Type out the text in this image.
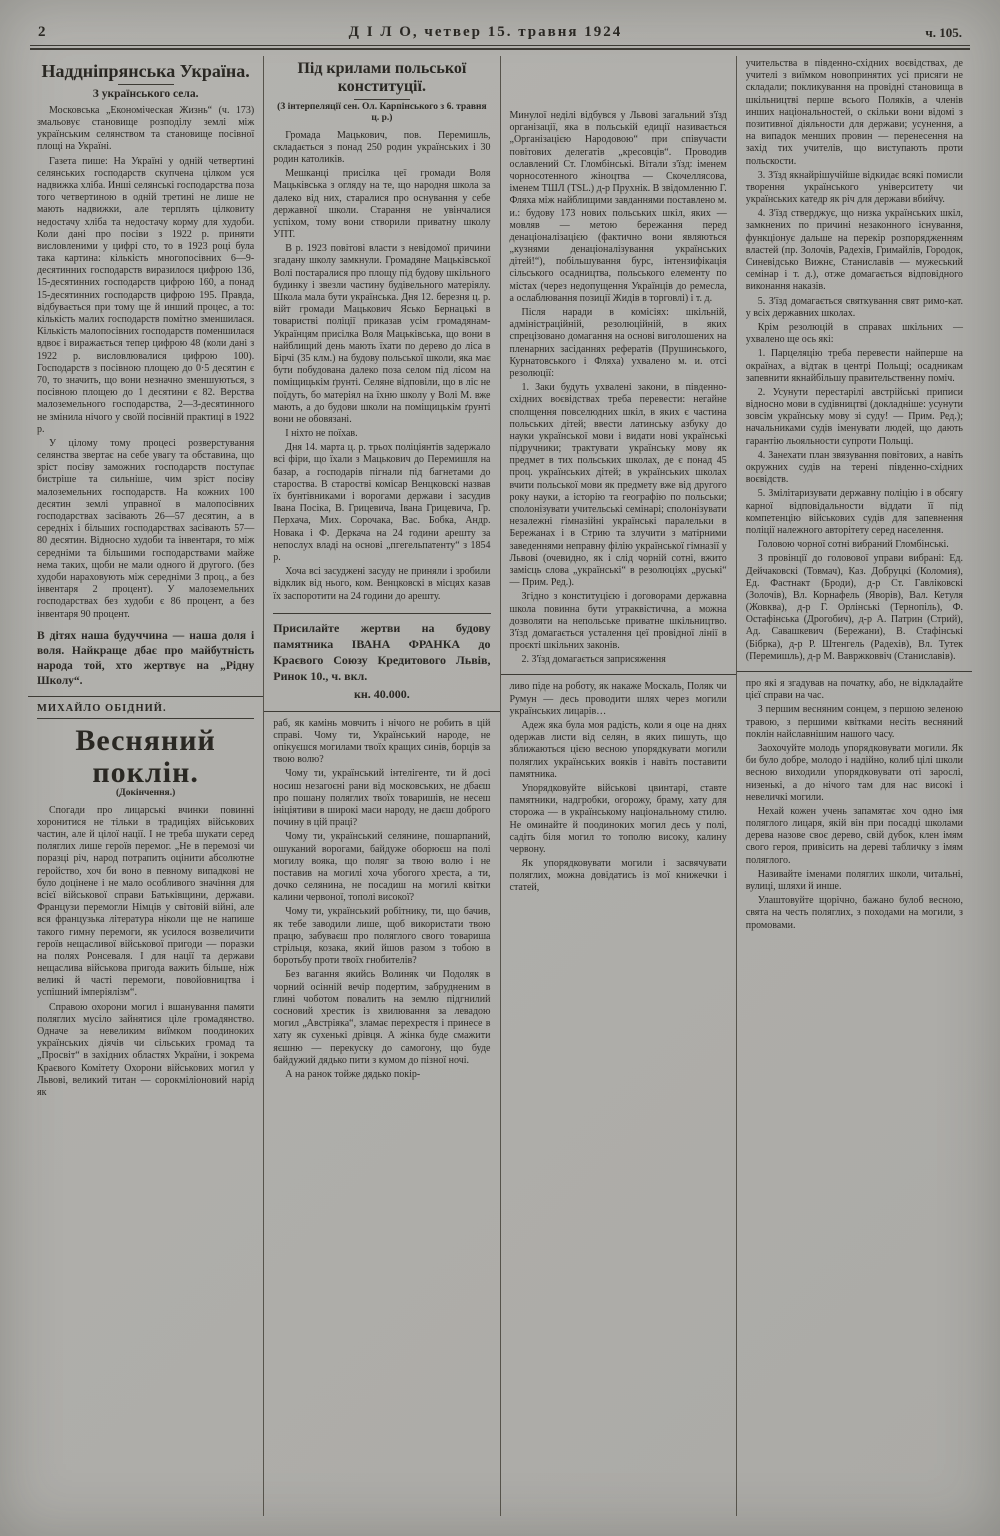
2	Д І Л О, четвер 15. травня 1924	ч. 105.
Наддніпрянська Україна.
З українського села.

Московська „Економіческая Жизнь“ (ч. 173) змальовує становище розподілу землі між українським селянством та становище посівної площі на Україні.

Газета пише: На Україні у одній четвертині селянських господарств скупчена цілком уся надвижка хліба. Инші селянські господарства поза того четвертиною в одній третині не лише не мають надвижки, але терплять цілковиту недостачу хліба та недостачу корму для худоби. Коли дані про посіви з 1922 р. приняти висловленими у цифрі сто, то в 1923 році була така картина: кількість многопосівних 6—9-десятинних господарств виразилося цифрою 136, 15-десятинних господарств цифрою 160, а понад 15-десятинних господарств цифрою 195. Правда, відбувається при тому ще й инший процес, а то: кількість малих господарств помітно зменшилася. Кількість малопосівних господарств поменшилася вдвоє і виражається тепер цифрою 48 (коли дані з 1922 р. висловлювалися цифрою 100). Господарств з посівною площею до 0·5 десятин є 70, то значить, що вони незначно зменшуються, з посівною площею до 1 десятини є 82. Верства малоземельного господарства, 2—3-десятинного не змінила нічого у своїй посівній практиці в 1922 р.

У цілому тому процесі розверстування селянства звертає на себе увагу та обставина, що зріст посіву заможних господарств поступає бистріше та сильніше, чим зріст посіву малоземельних господарств. На кожних 100 десятин землі управної в малопосівних господарствах засівають 26—57 десятин, а в середніх і більших господарствах засівають 57—80 десятин. Відносно худоби та інвентаря, то між середніми та більшими господарствами майже нема таких, щоби не мали одного й другого. (без худоби нараховують між середніми 3 проц., а без інвентаря 2 процент). У малоземельних господарствах без худоби є 86 процент, а без інвентаря 90 процент.

В дітях наша будуччина — наша доля і воля. Найкраще дбає про майбутність народа той, хто жертвує на „Рідну Школу“.

МИХАЙЛО ОБІДНИЙ.
Весняний поклін.
(Докінчення.)

Спогади про лицарські вчинки повинні хоронитися не тільки в традиціях військових частин, але й цілої нації. І не треба шукати серед поляглих лише героїв перемог. „Не в перемозі чи поразці річ, народ потрапить оцінити абсолютне геройство, хоч би воно в певному випадкові не було доцінене і не мало особливого значіння для всієї військової справи Батьківщини, держави. Французи перемогли Німців у світовій війні, але вся французька література ніколи ще не напише такого гимну перемоги, як усилося возвеличити героїв нещасливої військової пригоди — поразки на полях Ронсеваля. І для нації та держави нещаслива військова пригода важить більше, ніж великі й часті перемоги, повойовництва і успішний імперіялізм“.

Справою охорони могил і вшанування памяти поляглих мусіло зайнятися ціле громадянство. Одначе за невеликим виїмком поодиноких українських діячів чи сільських громад та „Просвіт“ в західних областях України, і зокрема Краєвого Комітету Охорони військових могил у Львові, великий титан — сорокміліоновий нарід як

Під крилами польської конституції.
(З інтерпеляції сен. Ол. Карпінського з 6. травня ц. р.)

Громада Мацькович, пов. Перемишль, складається з понад 250 родин українських і 30 родин католиків.

Мешканці присілка цеї громади Воля Мацьківська з огляду на те, що народня школа за далеко від них, старалися про оснування у себе державної школи. Старання не увінчалися успіхом, тому вони створили приватну школу УПТ.

В р. 1923 повітові власти з невідомої причини згадану школу замкнули. Громадяне Мацьківської Волі постаралися про площу під будову шкільного будинку і звезли частину будівельного матеріялу. Школа мала бути українська. Дня 12. березня ц. р. війт громади Мацькович Ясько Бернацькі в товаристві поліції приказав усім громадянам-Українцям присілка Воля Мацьківська, що вони в найблищий день мають їхати по дерево до ліса в Бірчі (35 клм.) на будову польської школи, яка має бути побудована далеко поза селом під лісом на поміщицькім ґрунті. Селяне відповіли, що в ліс не поїдуть, бо матеріял на їхню школу у Волі М. вже мають, а до будови школи на поміщицькім ґрунті вони не обовязані.

І ніхто не поїхав.

Дня 14. марта ц. р. трьох поліціянтів задержало всі фіри, що їхали з Мацькович до Перемишля на базар, а господарів пігнали під багнетами до староства. В старостві комісар Венцковскі назвав їх бунтівниками і ворогами держави і засудив Івана Посіка, В. Грицевича, Івана Грицевича, Гр. Перхача, Мих. Сорочака, Вас. Бобка, Андр. Новака і Ф. Деркача на 24 години арешту за непослух владі на основі „пгегельпатенту“ з 1854 р.

Хоча всі засуджені засуду не приняли і зробили відклик від нього, ком. Венцковскі в місцях казав їх заспоротити на 24 години до арешту.

Присилайте жертви на будову памятника ІВАНА ФРАНКА до Краєвого Союзу Кредитового Львів, Ринок 10., ч. вкл.
кн. 40.000.

раб, як камінь мовчить і нічого не робить в цій справі. Чому ти, Український народе, не опікуєшся могилами твоїх кращих синів, борців за твою волю?

Чому ти, український інтелігенте, ти й досі носиш незагоєні рани від московських, не дбаєш про пошану поляглих твоїх товаришів, не несеш ініціятиви в широкі маси народу, не даєш доброго почину в цій праці?

Чому ти, український селянине, пошарпаний, ошуканий ворогами, байдуже оборюєш на полі могилу вояка, що поляг за твою волю і не поставив на могилі хоча убогого хреста, а ти, дочко селянина, не посадиш на могилі квітки калини червоної, тополі високої?

Чому ти, український робітнику, ти, що бачив, як тебе заводили лише, щоб використати твою працю, забуваєш про поляглого свого товариша стрільця, козака, який йшов разом з тобою в боротьбу проти твоїх гнобителів?

Без вагання якийсь Волиняк чи Подоляк в чорний осінній вечір подертим, забрудненим в глині чоботом повалить на землю підгнилий сосновий хрестик із хвилювання за левадою могил „Австріяка“, зламає перехрестя і принесе в хату як сухенькі дрівця. А жінка буде смажити яєшню — перекуску до самогону, що буде байдужий дядько пити з кумом до пізної ночі.

А на ранок тойже дядько покір-

Минулої неділі відбувся у Львові загальний з'їзд організації, яка в польській едиції називається „Організацією Народовою“ при співучасти повітових делегатів „кресовців“. Проводив ославлений Ст. Гломбінські. Вітали з'їзд: іменем чорносотенного жіноцтва — Скочеллясова, іменем ТШЛ (TSL.) д-р Прухнік. В звідомленню Г. Фляха між найблищими завданнями поставлено м. и.: будову 173 нових польських шкіл, яких — мовляв — метою бережання перед денаціоналізацією (фактично вони являються „кузнями денаціоналізування українських дітей!“), побільшування бурс, інтензифікація сільського осадництва, польського елементу по містах (через недопущення Українців до ремесла, а ослаблювання позиції Жидів в торговлі) і т. д.

Після наради в комісіях: шкільній, адміністраційній, резолюційній, в яких спрецізовано домагання на основі виголошених на пленарних засіданнях рефератів (Прушинського, Курнатовського і Фляха) ухвалено м. и. отсі резолюції:

1. Заки будуть ухвалені закони, в південно-східних воєвідствах треба перевести: негайне сполщення повселюдних шкіл, в яких є частина польських дітей; ввести латинську азбуку до науки української мови і видати нові українські підручники; трактувати українську мову як предмет в тих польських школах, де є понад 45 проц. українських дітей; в українських школах вчити польської мови як предмету вже від другого року науки, а історію та географію по польськи; сполонізувати учительські семінарі; сполонізувати незалежні гімназійні українські паралельки в Бережанах і в Стрию та злучити з матірними заведеннями неправну філію української гімназії у Львові (очевидно, як і слід чорній сотні, вжито замісць слова „українські“ в резолюціях „руські“ — Прим. Ред.).

Згідно з конституцією і договорами державна школа повинна бути утраквістична, а можна дозволяти на непольське приватне шкільництво. З'їзд домагається усталення цеї провідної лінії в проєкті шкільних законів.

2. З'їзд домагається заприсяження

ливо піде на роботу, як накаже Москаль, Поляк чи Румун — десь проводити шлях через могили українських лицарів…

Адеж яка була моя радість, коли я оце на днях одержав листи від селян, в яких пишуть, що зближаються цією весною упорядкувати могили поляглих українських вояків і навіть поставити памятника.

Упорядковуйте військові цвинтарі, ставте памятники, надгробки, огорожу, браму, хату для сторожа — в українському національному стилю. Не оминайте й поодиноких могил десь у полі, садіть біля могил то тополю високу, калину червону.

Як упорядковувати могили і засвячувати поляглих, можна довідатись із мої книжечки і статей,

учительства в південно-східних воєвідствах, де учителі з виїмком новопринятих усі присяги не складали; покликування на провідні становища в шкільництві перше всього Поляків, а членів инших національностей, о скільки вони відомі з позитивної діяльности для держави; усунення, а на випадок менших провин — перенесення на захід тих учителів, що виступають проти польскости.

3. З'їзд якнайрішучійше відкидає всякі помисли творення українського університету чи українських катедр як річ для держави вбийчу.

4. З'їзд стверджує, що низка українських шкіл, замкнених по причині незаконного існування, функціонує дальше на перекір розпорядженням властей (пр. Золочів, Радехів, Гримайлів, Городок, Синевідсько Вижнє, Станиславів — мужеський семінар і т. д.), отже домагається відповідного виконання наказів.

5. З'їзд домагається святкування свят римо-кат. у всіх державних школах.

Крім резолюцій в справах шкільних — ухвалено ще ось які:

1. Парцеляцію треба перевести найперше на окраїнах, а відтак в центрі Польщі; осадникам запевнити якнайбільшу правительственну поміч.

2. Усунути перестарілі австрійські приписи відносно мови в судівництві (докладніше: усунути зовсім українську мову зі суду! — Прим. Ред.); начальниками судів іменувати людей, що дають гарантію льояльности супроти Польщі.

4. Занехати план звязування повітових, а навіть окружних судів на терені південно-східних воєвідств.

5. Змілітаризувати державну поліцію і в обсягу карної відповідальности віддати її під компетенцію військових судів для запевнення поліції належного авторітету серед населення.

Головою чорної сотні вибраний Гломбінські.

З провінції до головової управи вибрані: Ед. Дейчаковскі (Товмач), Каз. Добруцкі (Коломия), Ед. Фастнакт (Броди), д-р Ст. Гавліковскі (Золочів), Вл. Корнафель (Яворів), Вал. Кетуля (Жовква), д-р Г. Орлінські (Тернопіль), Ф. Остафінська (Дрогобич), д-р А. Патрин (Стрий), Ад. Савашкевич (Бережани), В. Стафінські (Бібрка), д-р Р. Штенгель (Радехів), Вл. Тутек (Перемишль), д-р М. Вавржковвіч (Станиславів).

про які я згадував на початку, або, не відкладайте цієї справи на час.

З першим весняним сонцем, з першою зеленою травою, з першими квітками несіть весняний поклін найславнішим нашого часу.

Заохочуйте молодь упорядковувати могили. Як би було добре, молодо і надійно, колиб цілі школи весною виходили упорядковувати оті зарослі, низенькі, а до нічого там для нас високі і невеличкі могили.

Нехай кожен учень запамятає хоч одно імя поляглого лицаря, якій він при посадці школами дерева назове своє дерево, свій дубок, клен імям свого героя, привісить на дереві табличку з імям поляглого.

Називайте іменами поляглих школи, читальні, вулиці, шляхи й инше.

Улаштовуйте щорічно, бажано булоб весною, свята на честь поляглих, з походами на могили, з промовами.
